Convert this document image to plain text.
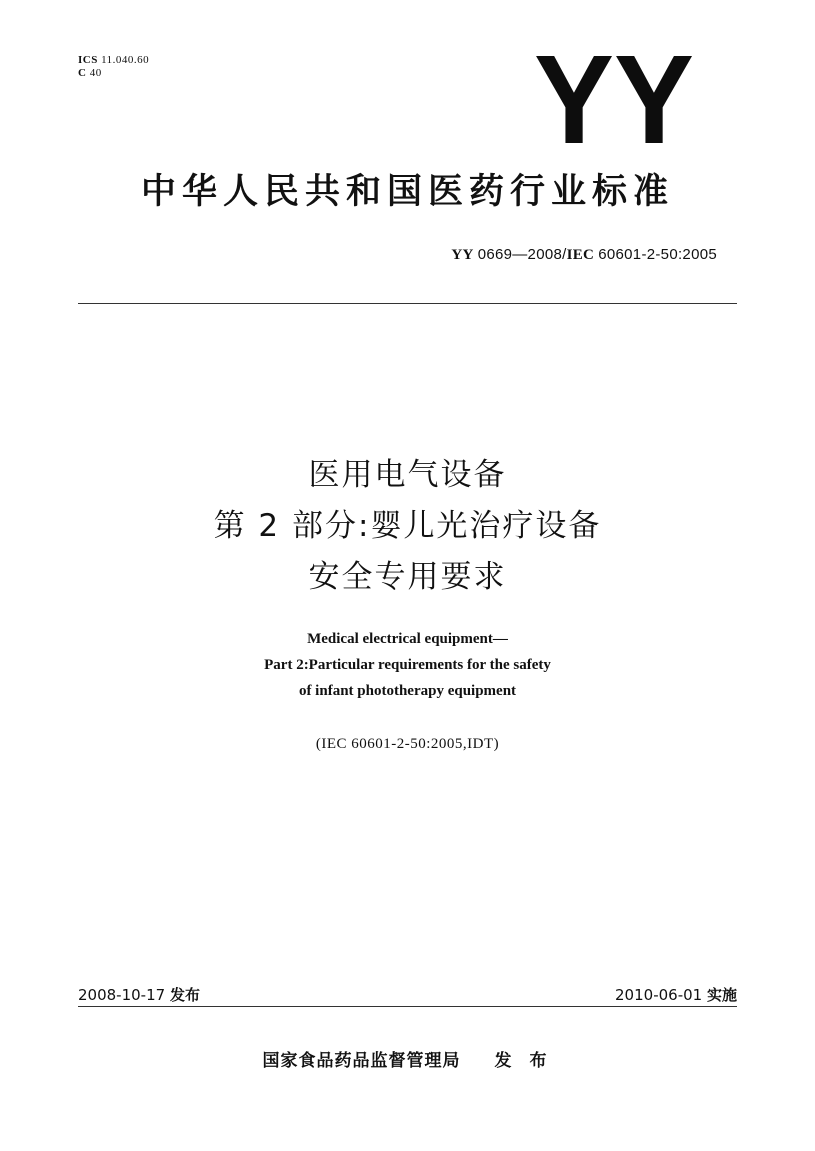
ICS 11.040.60
C 40	YY
中华人民共和国医药行业标准
YY 0669—2008/IEC 60601-2-50:2005
医用电气设备
第 2 部分:婴儿光治疗设备
安全专用要求
Medical electrical equipment—
Part 2:Particular requirements for the safety
of infant phototherapy equipment
(IEC 60601-2-50:2005,IDT)
2008-10-17 发布	2010-06-01 实施
国家食品药品监督管理局 发 布
